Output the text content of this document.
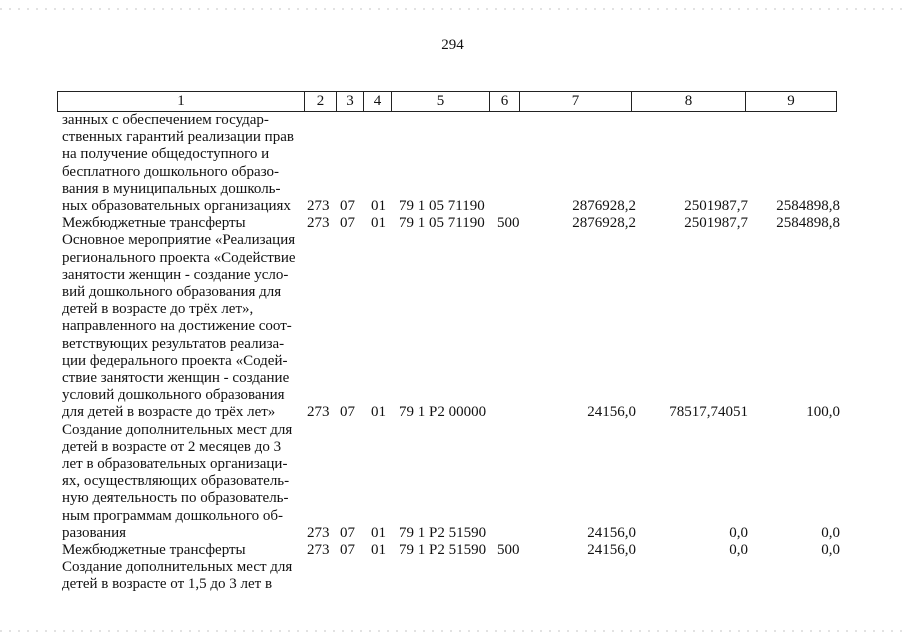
294
1	2	3	4	5	6	7	8	9
занных с обеспечением государ-
ственных гарантий реализации прав
на получение общедоступного и
бесплатного дошкольного образо-
вания в муниципальных дошколь-
ных образовательных организациях	273 07	01 79 1 05 71190	2876928,2	2501987,7	2584898,8
Межбюджетные трансферты	273 07	01 79 1 05 71190 500	2876928,2	2501987,7	2584898,8
Основное мероприятие «Реализация
регионального проекта «Содействие
занятости женщин - создание усло-
вий дошкольного образования для
детей в возрасте до трёх лет»,
направленного на достижение соот-
ветствующих результатов реализа-
ции федерального проекта «Содей-
ствие занятости женщин - создание
условий дошкольного образования
для детей в возрасте до трёх лет»	273 07	01 79 1 P2 00000	24156,0	78517,74051	100,0
Создание дополнительных мест для
детей в возрасте от 2 месяцев до 3
лет в образовательных организаци-
ях, осуществляющих образователь-
ную деятельность по образователь-
ным программам дошкольного об-
разования	273 07	01 79 1 P2 51590	24156,0	0,0	0,0
Межбюджетные трансферты	273 07	01 79 1 P2 51590 500	24156,0	0,0	0,0
Создание дополнительных мест для
детей в возрасте от 1,5 до 3 лет в
